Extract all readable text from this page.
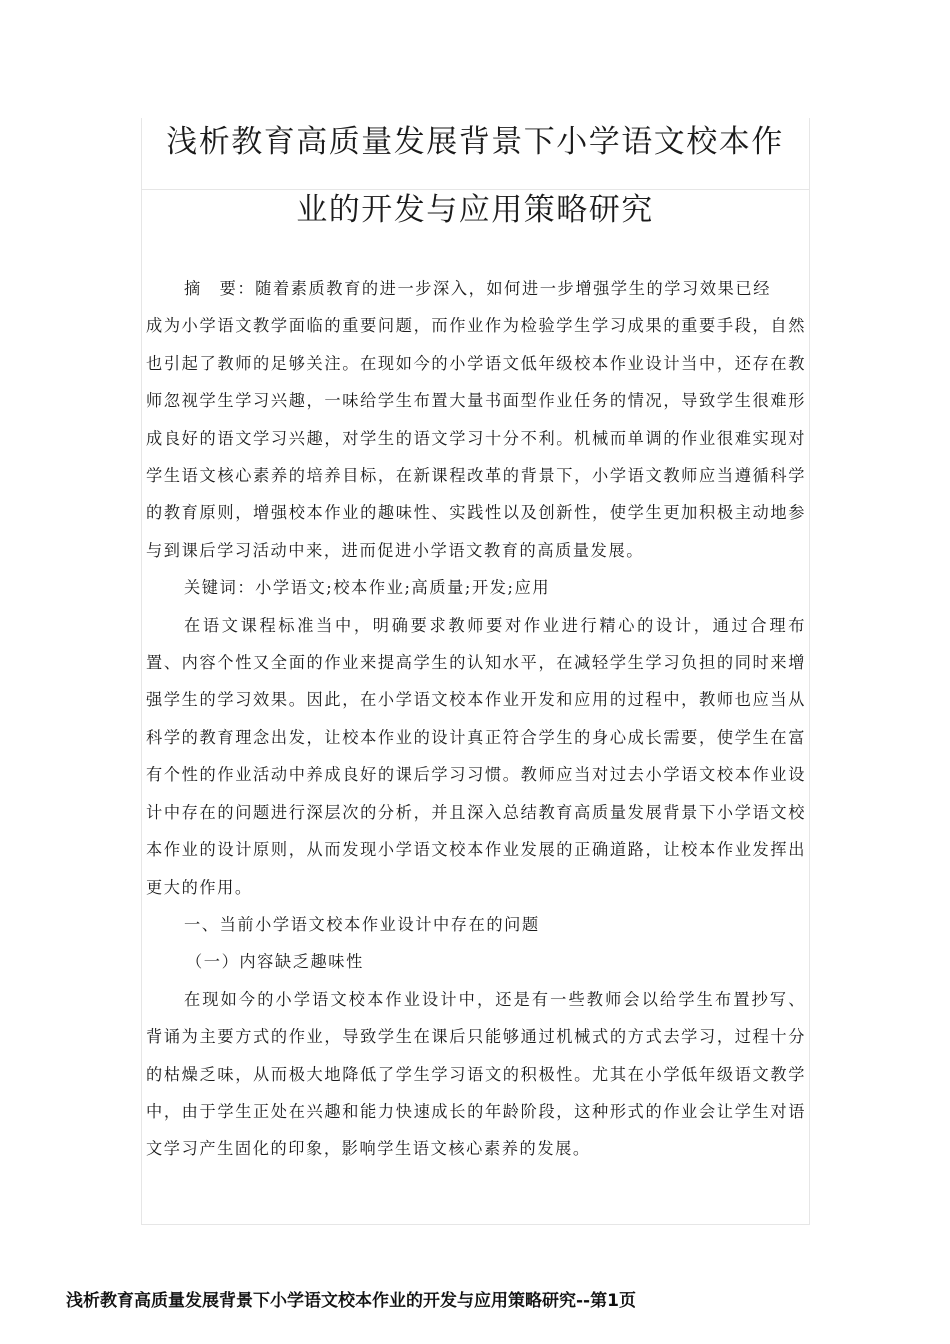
浅析教育高质量发展背景下小学语文校本作
业的开发与应用策略研究

摘　要：随着素质教育的进一步深入，如何进一步增强学生的学习效果已经

成为小学语文教学面临的重要问题，而作业作为检验学生学习成果的重要手段，自然也引起了教师的足够关注。在现如今的小学语文低年级校本作业设计当中，还存在教师忽视学生学习兴趣，一味给学生布置大量书面型作业任务的情况，导致学生很难形成良好的语文学习兴趣，对学生的语文学习十分不利。机械而单调的作业很难实现对学生语文核心素养的培养目标，在新课程改革的背景下，小学语文教师应当遵循科学的教育原则，增强校本作业的趣味性、实践性以及创新性，使学生更加积极主动地参与到课后学习活动中来，进而促进小学语文教育的高质量发展。

关键词：小学语文;校本作业;高质量;开发;应用

在语文课程标准当中，明确要求教师要对作业进行精心的设计，通过合理布置、内容个性又全面的作业来提高学生的认知水平，在减轻学生学习负担的同时来增强学生的学习效果。因此，在小学语文校本作业开发和应用的过程中，教师也应当从科学的教育理念出发，让校本作业的设计真正符合学生的身心成长需要，使学生在富有个性的作业活动中养成良好的课后学习习惯。教师应当对过去小学语文校本作业设计中存在的问题进行深层次的分析，并且深入总结教育高质量发展背景下小学语文校本作业的设计原则，从而发现小学语文校本作业发展的正确道路，让校本作业发挥出更大的作用。

一、当前小学语文校本作业设计中存在的问题

（一）内容缺乏趣味性

在现如今的小学语文校本作业设计中，还是有一些教师会以给学生布置抄写、背诵为主要方式的作业，导致学生在课后只能够通过机械式的方式去学习，过程十分的枯燥乏味，从而极大地降低了学生学习语文的积极性。尤其在小学低年级语文教学中，由于学生正处在兴趣和能力快速成长的年龄阶段，这种形式的作业会让学生对语文学习产生固化的印象，影响学生语文核心素养的发展。

浅析教育高质量发展背景下小学语文校本作业的开发与应用策略研究--第1页
